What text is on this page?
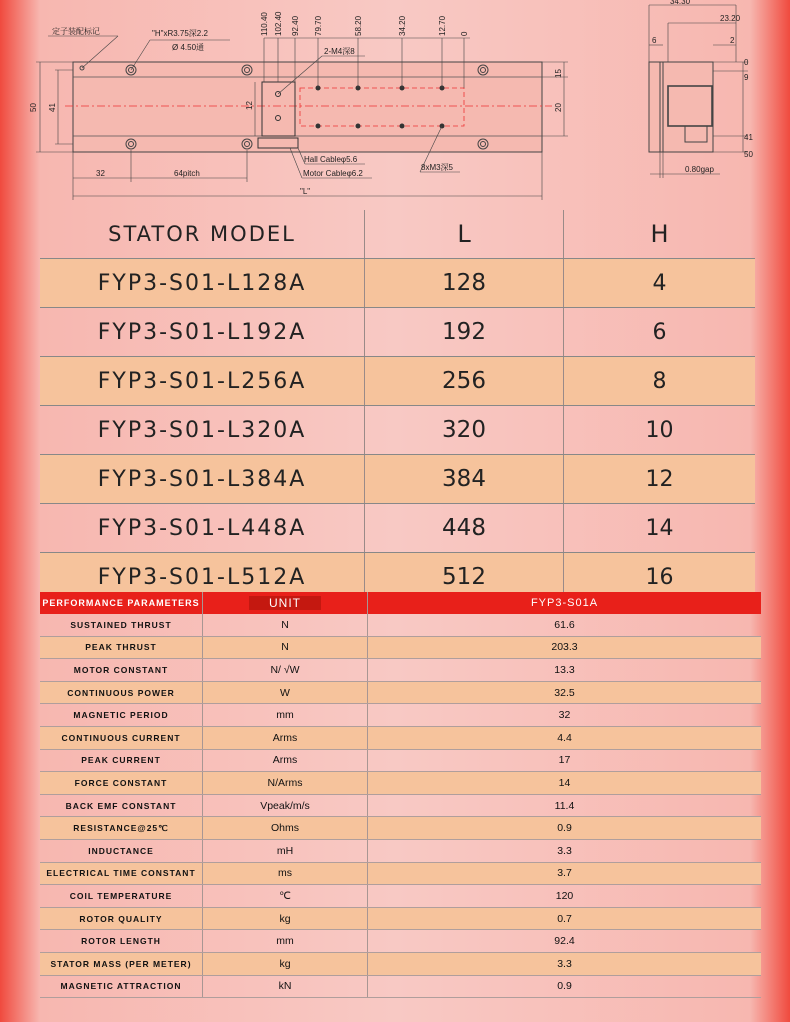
110.40 102.40 92.40 79.70	58.20	34.20	12.70 0
定子装配标记	"H"xR3.75深2.2
Ø 4.50通	2-M4深8
Hall Cableφ5.6
Motor Cableφ6.2
8xM3深5
50 41	12
15
20
32	64pitch
"L"
34.30
23.20
6	2
0
9
41
50
0.80gap
STATOR MODEL	L	H
FYP3-S01-L128A	128	4
FYP3-S01-L192A	192	6
FYP3-S01-L256A	256	8
FYP3-S01-L320A	320	10
FYP3-S01-L384A	384	12
FYP3-S01-L448A	448	14
FYP3-S01-L512A	512	16
PERFORMANCE PARAMETERS	UNIT	FYP3-S01A
SUSTAINED THRUST	N	61.6
PEAK THRUST	N	203.3
MOTOR CONSTANT	N/ √W	13.3
CONTINUOUS POWER	W	32.5
MAGNETIC PERIOD	mm	32
CONTINUOUS CURRENT	Arms	4.4
PEAK CURRENT	Arms	17
FORCE CONSTANT	N/Arms	14
BACK EMF CONSTANT	Vpeak/m/s	11.4
RESISTANCE@25℃	Ohms	0.9
INDUCTANCE	mH	3.3
ELECTRICAL TIME CONSTANT	ms	3.7
COIL TEMPERATURE	℃	120
ROTOR QUALITY	kg	0.7
ROTOR LENGTH	mm	92.4
STATOR MASS (PER METER)	kg	3.3
MAGNETIC ATTRACTION	kN	0.9
